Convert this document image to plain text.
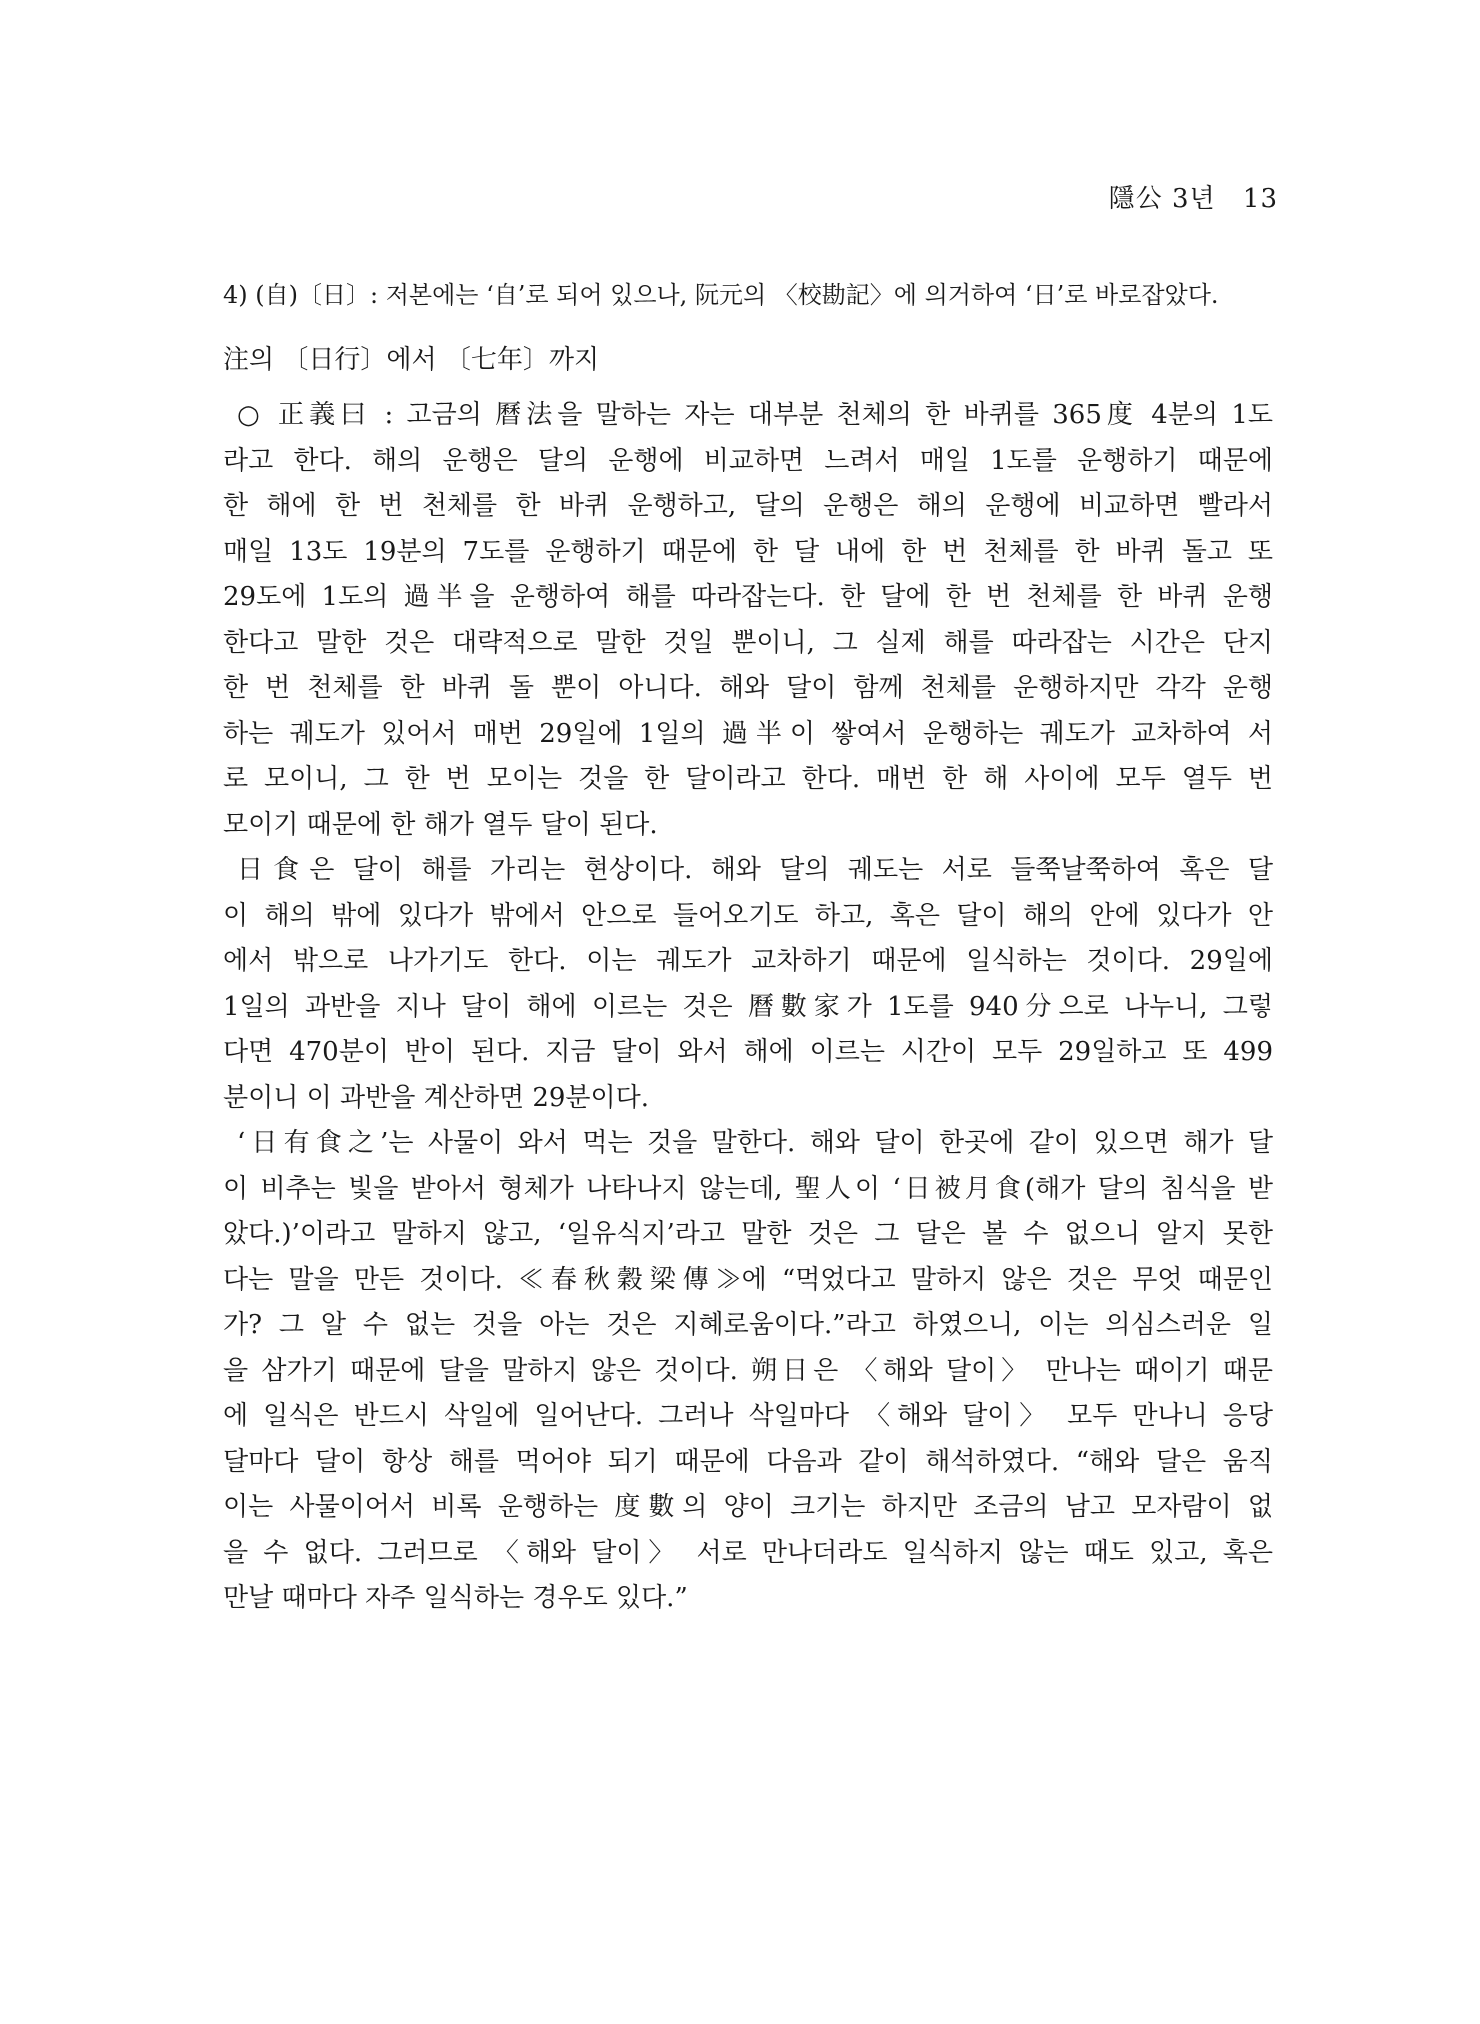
隱公 3년 13

4) (自)〔日〕: 저본에는 ‘自’로 되어 있으나, 阮元의 〈校勘記〉에 의거하여 ‘日’로 바로잡았다.

注의 〔日行〕에서 〔七年〕까지

○ 正義曰 : 고금의 曆法을 말하는 자는 대부분 천체의 한 바퀴를 365度 4분의 1도
라고 한다. 해의 운행은 달의 운행에 비교하면 느려서 매일 1도를 운행하기 때문에
한 해에 한 번 천체를 한 바퀴 운행하고, 달의 운행은 해의 운행에 비교하면 빨라서
매일 13도 19분의 7도를 운행하기 때문에 한 달 내에 한 번 천체를 한 바퀴 돌고 또
29도에 1도의 過半을 운행하여 해를 따라잡는다. 한 달에 한 번 천체를 한 바퀴 운행
한다고 말한 것은 대략적으로 말한 것일 뿐이니, 그 실제 해를 따라잡는 시간은 단지
한 번 천체를 한 바퀴 돌 뿐이 아니다. 해와 달이 함께 천체를 운행하지만 각각 운행
하는 궤도가 있어서 매번 29일에 1일의 過半이 쌓여서 운행하는 궤도가 교차하여 서
로 모이니, 그 한 번 모이는 것을 한 달이라고 한다. 매번 한 해 사이에 모두 열두 번
모이기 때문에 한 해가 열두 달이 된다.
日食은 달이 해를 가리는 현상이다. 해와 달의 궤도는 서로 들쭉날쭉하여 혹은 달
이 해의 밖에 있다가 밖에서 안으로 들어오기도 하고, 혹은 달이 해의 안에 있다가 안
에서 밖으로 나가기도 한다. 이는 궤도가 교차하기 때문에 일식하는 것이다. 29일에
1일의 과반을 지나 달이 해에 이르는 것은 曆數家가 1도를 940分으로 나누니, 그렇
다면 470분이 반이 된다. 지금 달이 와서 해에 이르는 시간이 모두 29일하고 또 499
분이니 이 과반을 계산하면 29분이다.
‘日有食之’는 사물이 와서 먹는 것을 말한다. 해와 달이 한곳에 같이 있으면 해가 달
이 비추는 빛을 받아서 형체가 나타나지 않는데, 聖人이 ‘日被月食(해가 달의 침식을 받
았다.)’이라고 말하지 않고, ‘일유식지’라고 말한 것은 그 달은 볼 수 없으니 알지 못한
다는 말을 만든 것이다. ≪春秋穀梁傳≫에 “먹었다고 말하지 않은 것은 무엇 때문인
가? 그 알 수 없는 것을 아는 것은 지혜로움이다.”라고 하였으니, 이는 의심스러운 일
을 삼가기 때문에 달을 말하지 않은 것이다. 朔日은 〈해와 달이〉 만나는 때이기 때문
에 일식은 반드시 삭일에 일어난다. 그러나 삭일마다 〈해와 달이〉 모두 만나니 응당
달마다 달이 항상 해를 먹어야 되기 때문에 다음과 같이 해석하였다. “해와 달은 움직
이는 사물이어서 비록 운행하는 度數의 양이 크기는 하지만 조금의 남고 모자람이 없
을 수 없다. 그러므로 〈해와 달이〉 서로 만나더라도 일식하지 않는 때도 있고, 혹은
만날 때마다 자주 일식하는 경우도 있다.”
